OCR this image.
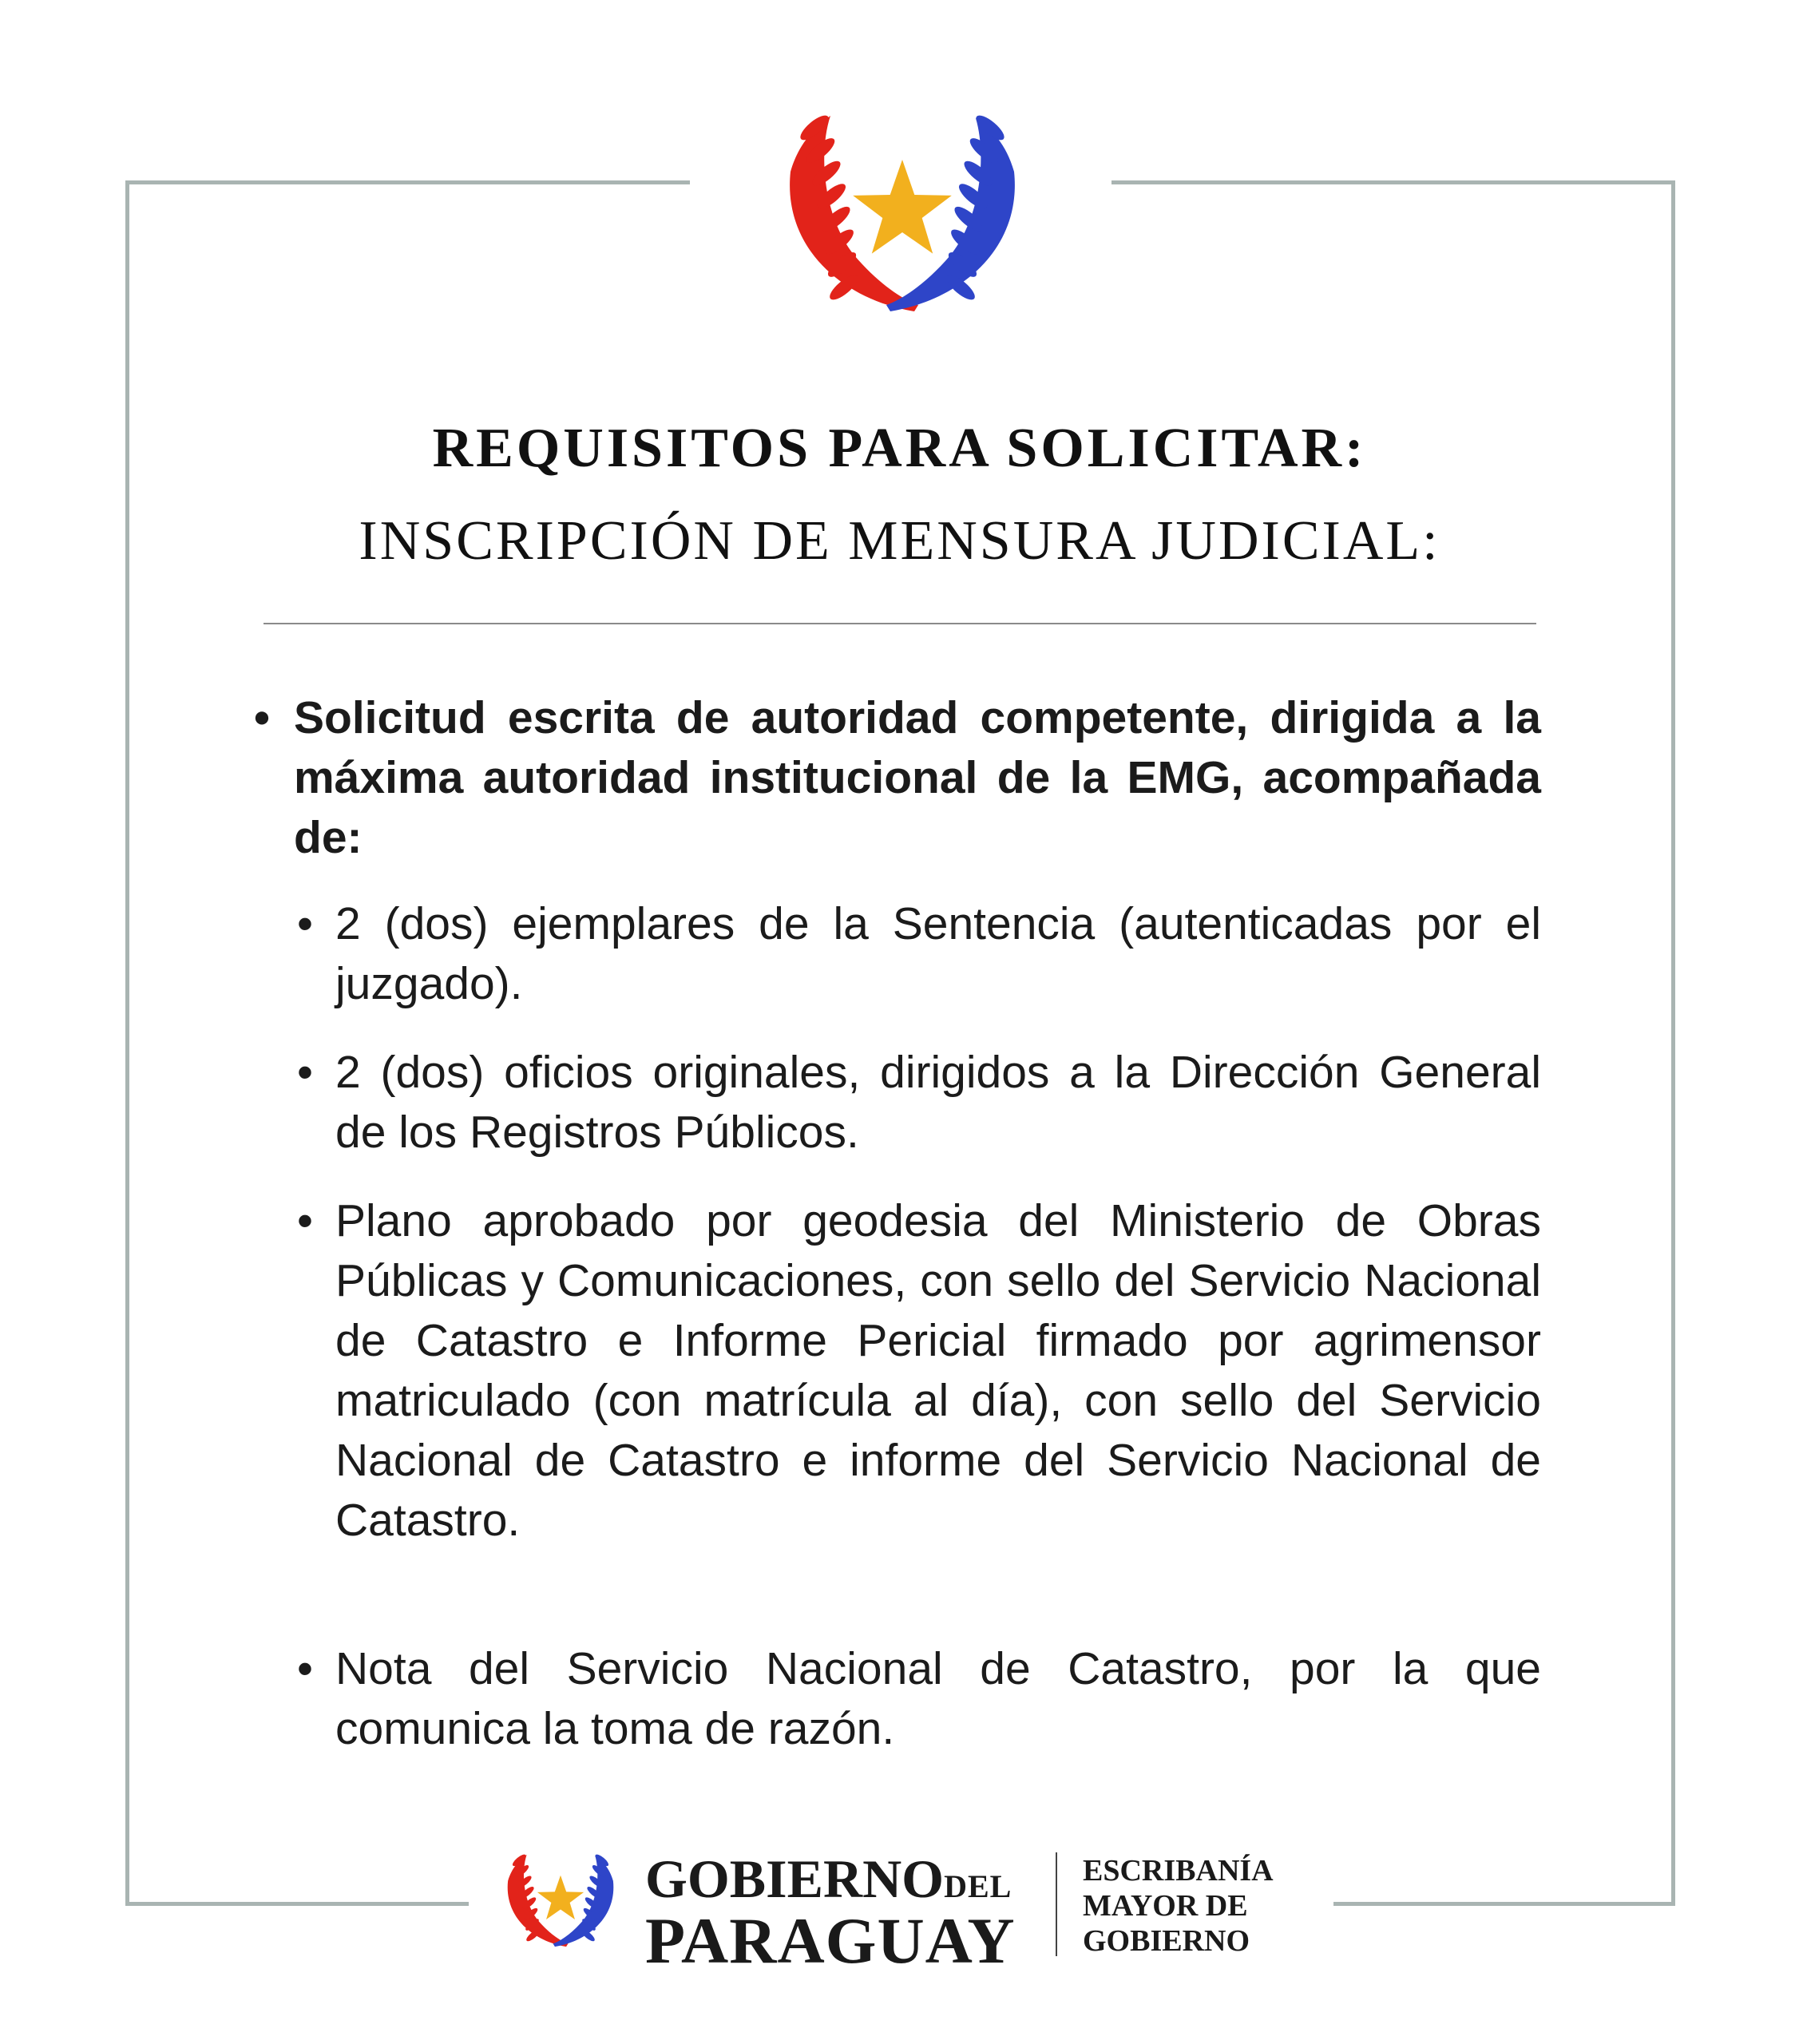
REQUISITOS PARA SOLICITAR:
INSCRIPCIÓN DE MENSURA JUDICIAL:
• Solicitud escrita de autoridad competente, dirigida a la máxima autoridad institucional de la EMG, acompañada de:
• 2 (dos) ejemplares de la Sentencia (autenticadas por el juzgado).
• 2 (dos) oficios originales, dirigidos a la Dirección General de los Registros Públicos.
• Plano aprobado por geodesia del Ministerio de Obras Públicas y Comunicaciones, con sello del Servicio Nacional de Catastro e Informe Pericial firmado por agrimensor matriculado (con matrícula al día), con sello del Servicio Nacional de Catastro e informe del Servicio Nacional de Catastro.
• Nota del Servicio Nacional de Catastro, por la que comunica la toma de razón.
GOBIERNODEL
PARAGUAY
ESCRIBANÍA
MAYOR DE
GOBIERNO
